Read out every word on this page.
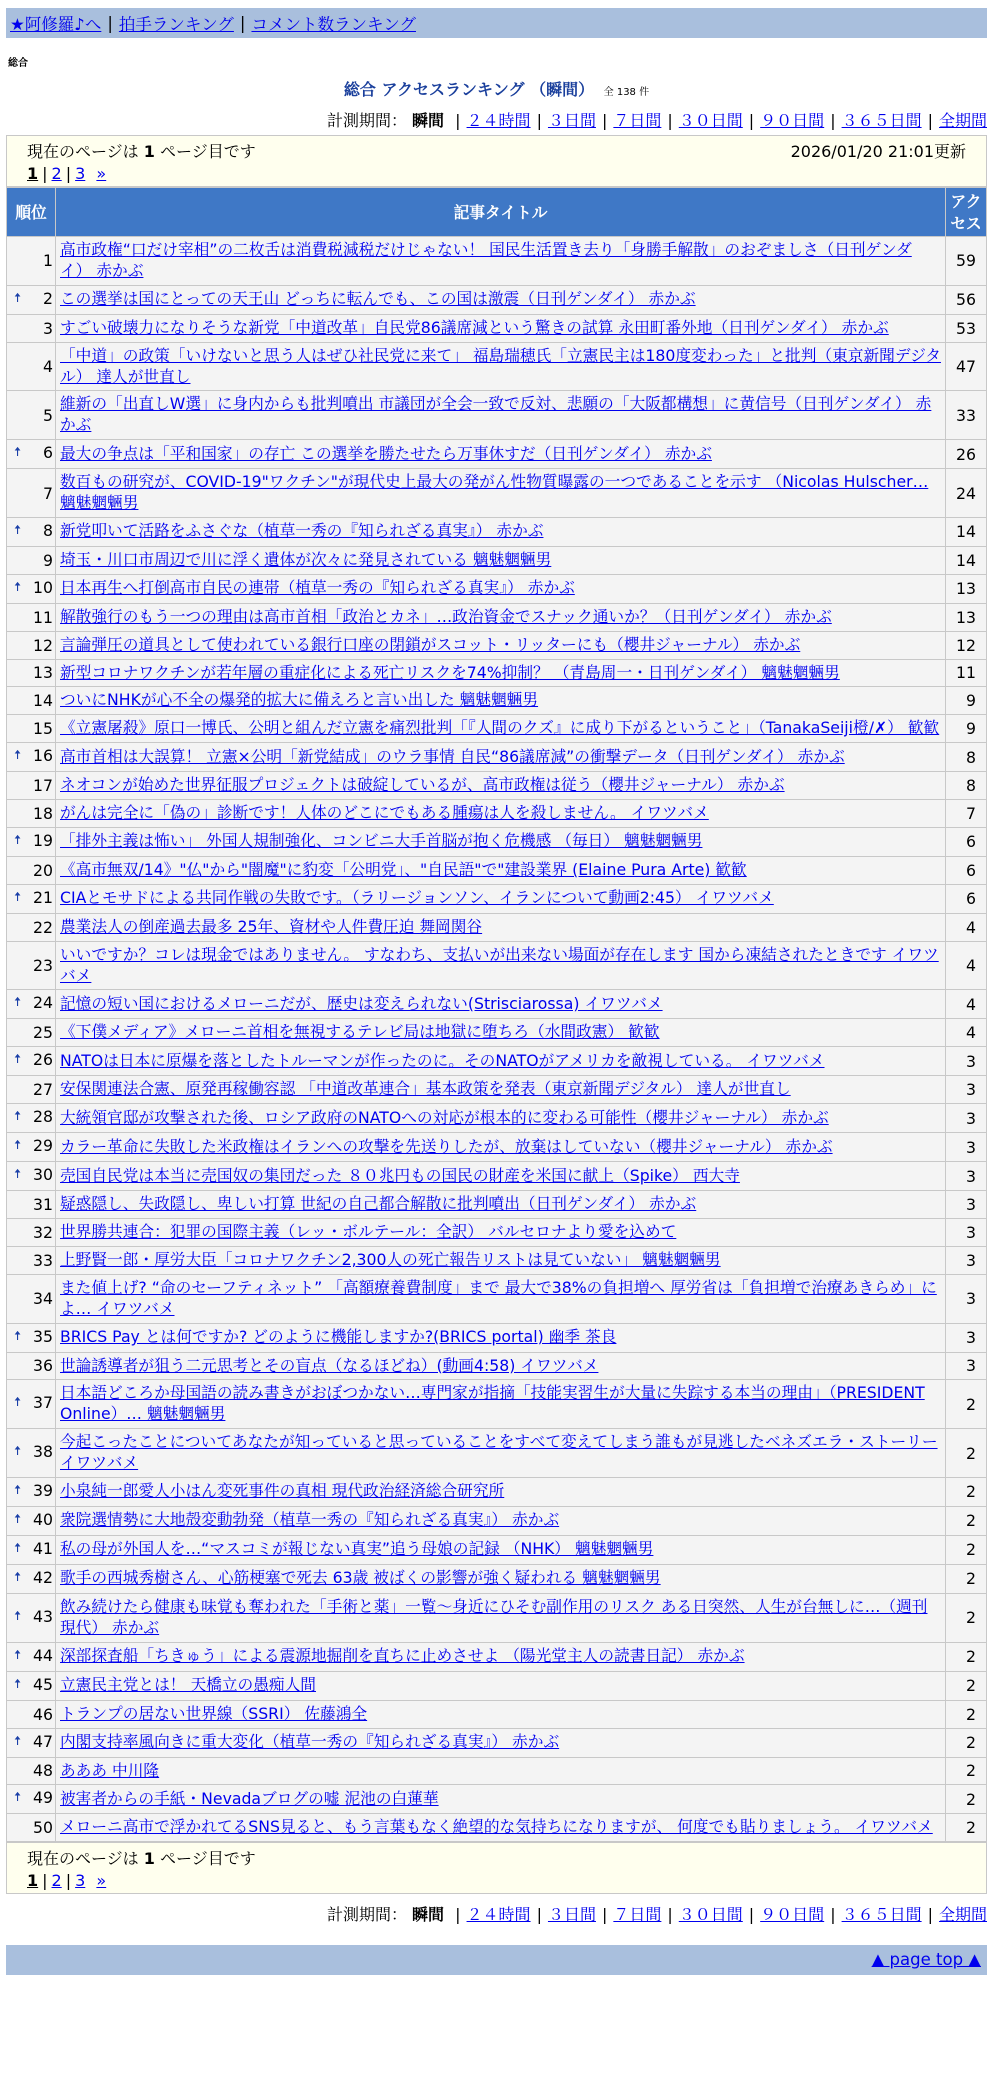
★阿修羅♪へ | 拍手ランキング | コメント数ランキング
総合
総合 アクセスランキング （瞬間） 全 138 件
計測期間： 瞬間 | ２４時間 | ３日間 | ７日間 | ３０日間 | ９０日間 | ３６５日間 | 全期間
現在のページは 1 ページ目です	2026/01/20 21:01更新
1 | 2 | 3 »
順位	記事タイトル	アクセス
1	高市政権“口だけ宰相”の二枚舌は消費税減税だけじゃない！ 国民生活置き去り「身勝手解散」のおぞましさ（日刊ゲンダイ） 赤かぶ	59

🠅 2	この選挙は国にとっての天王山 どっちに転んでも、この国は激震（日刊ゲンダイ） 赤かぶ	56
3	すごい破壊力になりそうな新党「中道改革」自民党86議席減という驚きの試算 永田町番外地（日刊ゲンダイ） 赤かぶ	53
4	「中道」の政策「いけないと思う人はぜひ社民党に来て」 福島瑞穂氏「立憲民主は180度変わった」と批判（東京新聞デジタル） 達人が世直し	47
5	維新の「出直しW選」に身内からも批判噴出 市議団が全会一致で反対、悲願の「大阪都構想」に黄信号（日刊ゲンダイ） 赤かぶ	33

🠅 6	最大の争点は「平和国家」の存亡 この選挙を勝たせたら万事休すだ（日刊ゲンダイ） 赤かぶ	26
7	数百もの研究が、COVID-19"ワクチン"が現代史上最大の発がん性物質曝露の一つであることを示す （Nicolas Hulscher… 魑魅魍魎男	24

🠅 8	新党叩いて活路をふさぐな（植草一秀の『知られざる真実』） 赤かぶ	14
9	埼玉・川口市周辺で川に浮く遺体が次々に発見されている 魑魅魍魎男	14

🠅 10	日本再生へ打倒高市自民の連帯（植草一秀の『知られざる真実』） 赤かぶ	13
11	解散強行のもう一つの理由は高市首相「政治とカネ」…政治資金でスナック通いか？（日刊ゲンダイ） 赤かぶ	13
12	言論弾圧の道具として使われている銀行口座の閉鎖がスコット・リッターにも（櫻井ジャーナル） 赤かぶ	12
13	新型コロナワクチンが若年層の重症化による死亡リスクを74%抑制？ （青島周一・日刊ゲンダイ） 魑魅魍魎男	11
14	ついにNHKが心不全の爆発的拡大に備えろと言い出した 魑魅魍魎男	9
15	《立憲屠殺》原口一博氏、公明と組んだ立憲を痛烈批判「『人間のクズ』に成り下がるということ」（TanakaSeiji橙/✗） 歓歓	9

🠅 16	高市首相は大誤算！ 立憲×公明「新党結成」のウラ事情 自民“86議席減”の衝撃データ（日刊ゲンダイ） 赤かぶ	8
17	ネオコンが始めた世界征服プロジェクトは破綻しているが、高市政権は従う（櫻井ジャーナル） 赤かぶ	8
18	がんは完全に「偽の」診断です！人体のどこにでもある腫瘍は人を殺しません。 イワツバメ	7

🠅 19	「排外主義は怖い」 外国人規制強化、コンビニ大手首脳が抱く危機感 （毎日） 魑魅魍魎男	6
20	《高市無双/14》"仏"から"闇魔"に豹変「公明党」、"自民語"で"建設業界 (Elaine Pura Arte) 歓歓	6

🠅 21	CIAとモサドによる共同作戦の失敗です。（ラリージョンソン、イランについて動画2:45） イワツバメ	6
22	農業法人の倒産過去最多 25年、資材や人件費圧迫 舞岡関谷	4
23	いいですか？コレは現金ではありません。 すなわち、支払いが出来ない場面が存在します 国から凍結されたときです イワツバメ	4

🠅 24	記憶の短い国におけるメローニだが、歴史は変えられない(Strisciarossa) イワツバメ	4
25	《下僕メディア》メローニ首相を無視するテレビ局は地獄に堕ちろ（水間政憲） 歓歓	4

🠅 26	NATOは日本に原爆を落としたトルーマンが作ったのに。そのNATOがアメリカを敵視している。 イワツバメ	3
27	安保関連法合憲、原発再稼働容認 「中道改革連合」基本政策を発表（東京新聞デジタル） 達人が世直し	3

🠅 28	大統領官邸が攻撃された後、ロシア政府のNATOへの対応が根本的に変わる可能性（櫻井ジャーナル） 赤かぶ	3

🠅 29	カラー革命に失敗した米政権はイランへの攻撃を先送りしたが、放棄はしていない（櫻井ジャーナル） 赤かぶ	3

🠅 30	売国自民党は本当に売国奴の集団だった ８０兆円もの国民の財産を米国に献上（Spike） 西大寺	3
31	疑惑隠し、失政隠し、卑しい打算 世紀の自己都合解散に批判噴出（日刊ゲンダイ） 赤かぶ	3
32	世界勝共連合：犯罪の国際主義（レッ・ボルテール：全訳） バルセロナより愛を込めて	3
33	上野賢一郎・厚労大臣「コロナワクチン2,300人の死亡報告リストは見ていない」 魑魅魍魎男	3
34	また値上げ? “命のセーフティネット” 「高額療養費制度」まで 最大で38%の負担増へ 厚労省は「負担増で治療あきらめ」によ… イワツバメ	3

🠅 35	BRICS Pay とは何ですか? どのように機能しますか?(BRICS portal) 幽季 茶良	3
36	世論誘導者が狙う二元思考とその盲点（なるほどね）(動画4:58) イワツバメ	3

🠅 37	日本語どころか母国語の読み書きがおぼつかない…専門家が指摘「技能実習生が大量に失踪する本当の理由」（PRESIDENT Online）… 魑魅魍魎男	2

🠅 38	今起こったことについてあなたが知っていると思っていることをすべて変えてしまう誰もが見逃したベネズエラ・ストーリー イワツバメ	2

🠅 39	小泉純一郎愛人小はん変死事件の真相 現代政治経済総合研究所	2

🠅 40	衆院選情勢に大地殻変動勃発（植草一秀の『知られざる真実』） 赤かぶ	2

🠅 41	私の母が外国人を…“マスコミが報じない真実”追う母娘の記録 （NHK） 魑魅魍魎男	2

🠅 42	歌手の西城秀樹さん、心筋梗塞で死去 63歳 被ばくの影響が強く疑われる 魑魅魍魎男	2

🠅 43	飲み続けたら健康も味覚も奪われた「手術と薬」一覧〜身近にひそむ副作用のリスク ある日突然、人生が台無しに…（週刊現代） 赤かぶ	2

🠅 44	深部探査船「ちきゅう」による震源地掘削を直ちに止めさせよ （陽光堂主人の読書日記） 赤かぶ	2

🠅 45	立憲民主党とは！ 天橋立の愚痴人間	2
46	トランプの居ない世界線（SSRI） 佐藤鴻全	2

🠅 47	内閣支持率風向きに重大変化（植草一秀の『知られざる真実』） 赤かぶ	2
48	あああ 中川隆	2

🠅 49	被害者からの手紙・Nevadaブログの嘘 泥池の白蓮華	2
50	メローニ高市で浮かれてるSNS見ると、もう言葉もなく絶望的な気持ちになりますが、 何度でも貼りましょう。 イワツバメ	2
現在のページは 1 ページ目です
1 | 2 | 3 »
計測期間： 瞬間 | ２４時間 | ３日間 | ７日間 | ３０日間 | ９０日間 | ３６５日間 | 全期間
▲ page top ▲
